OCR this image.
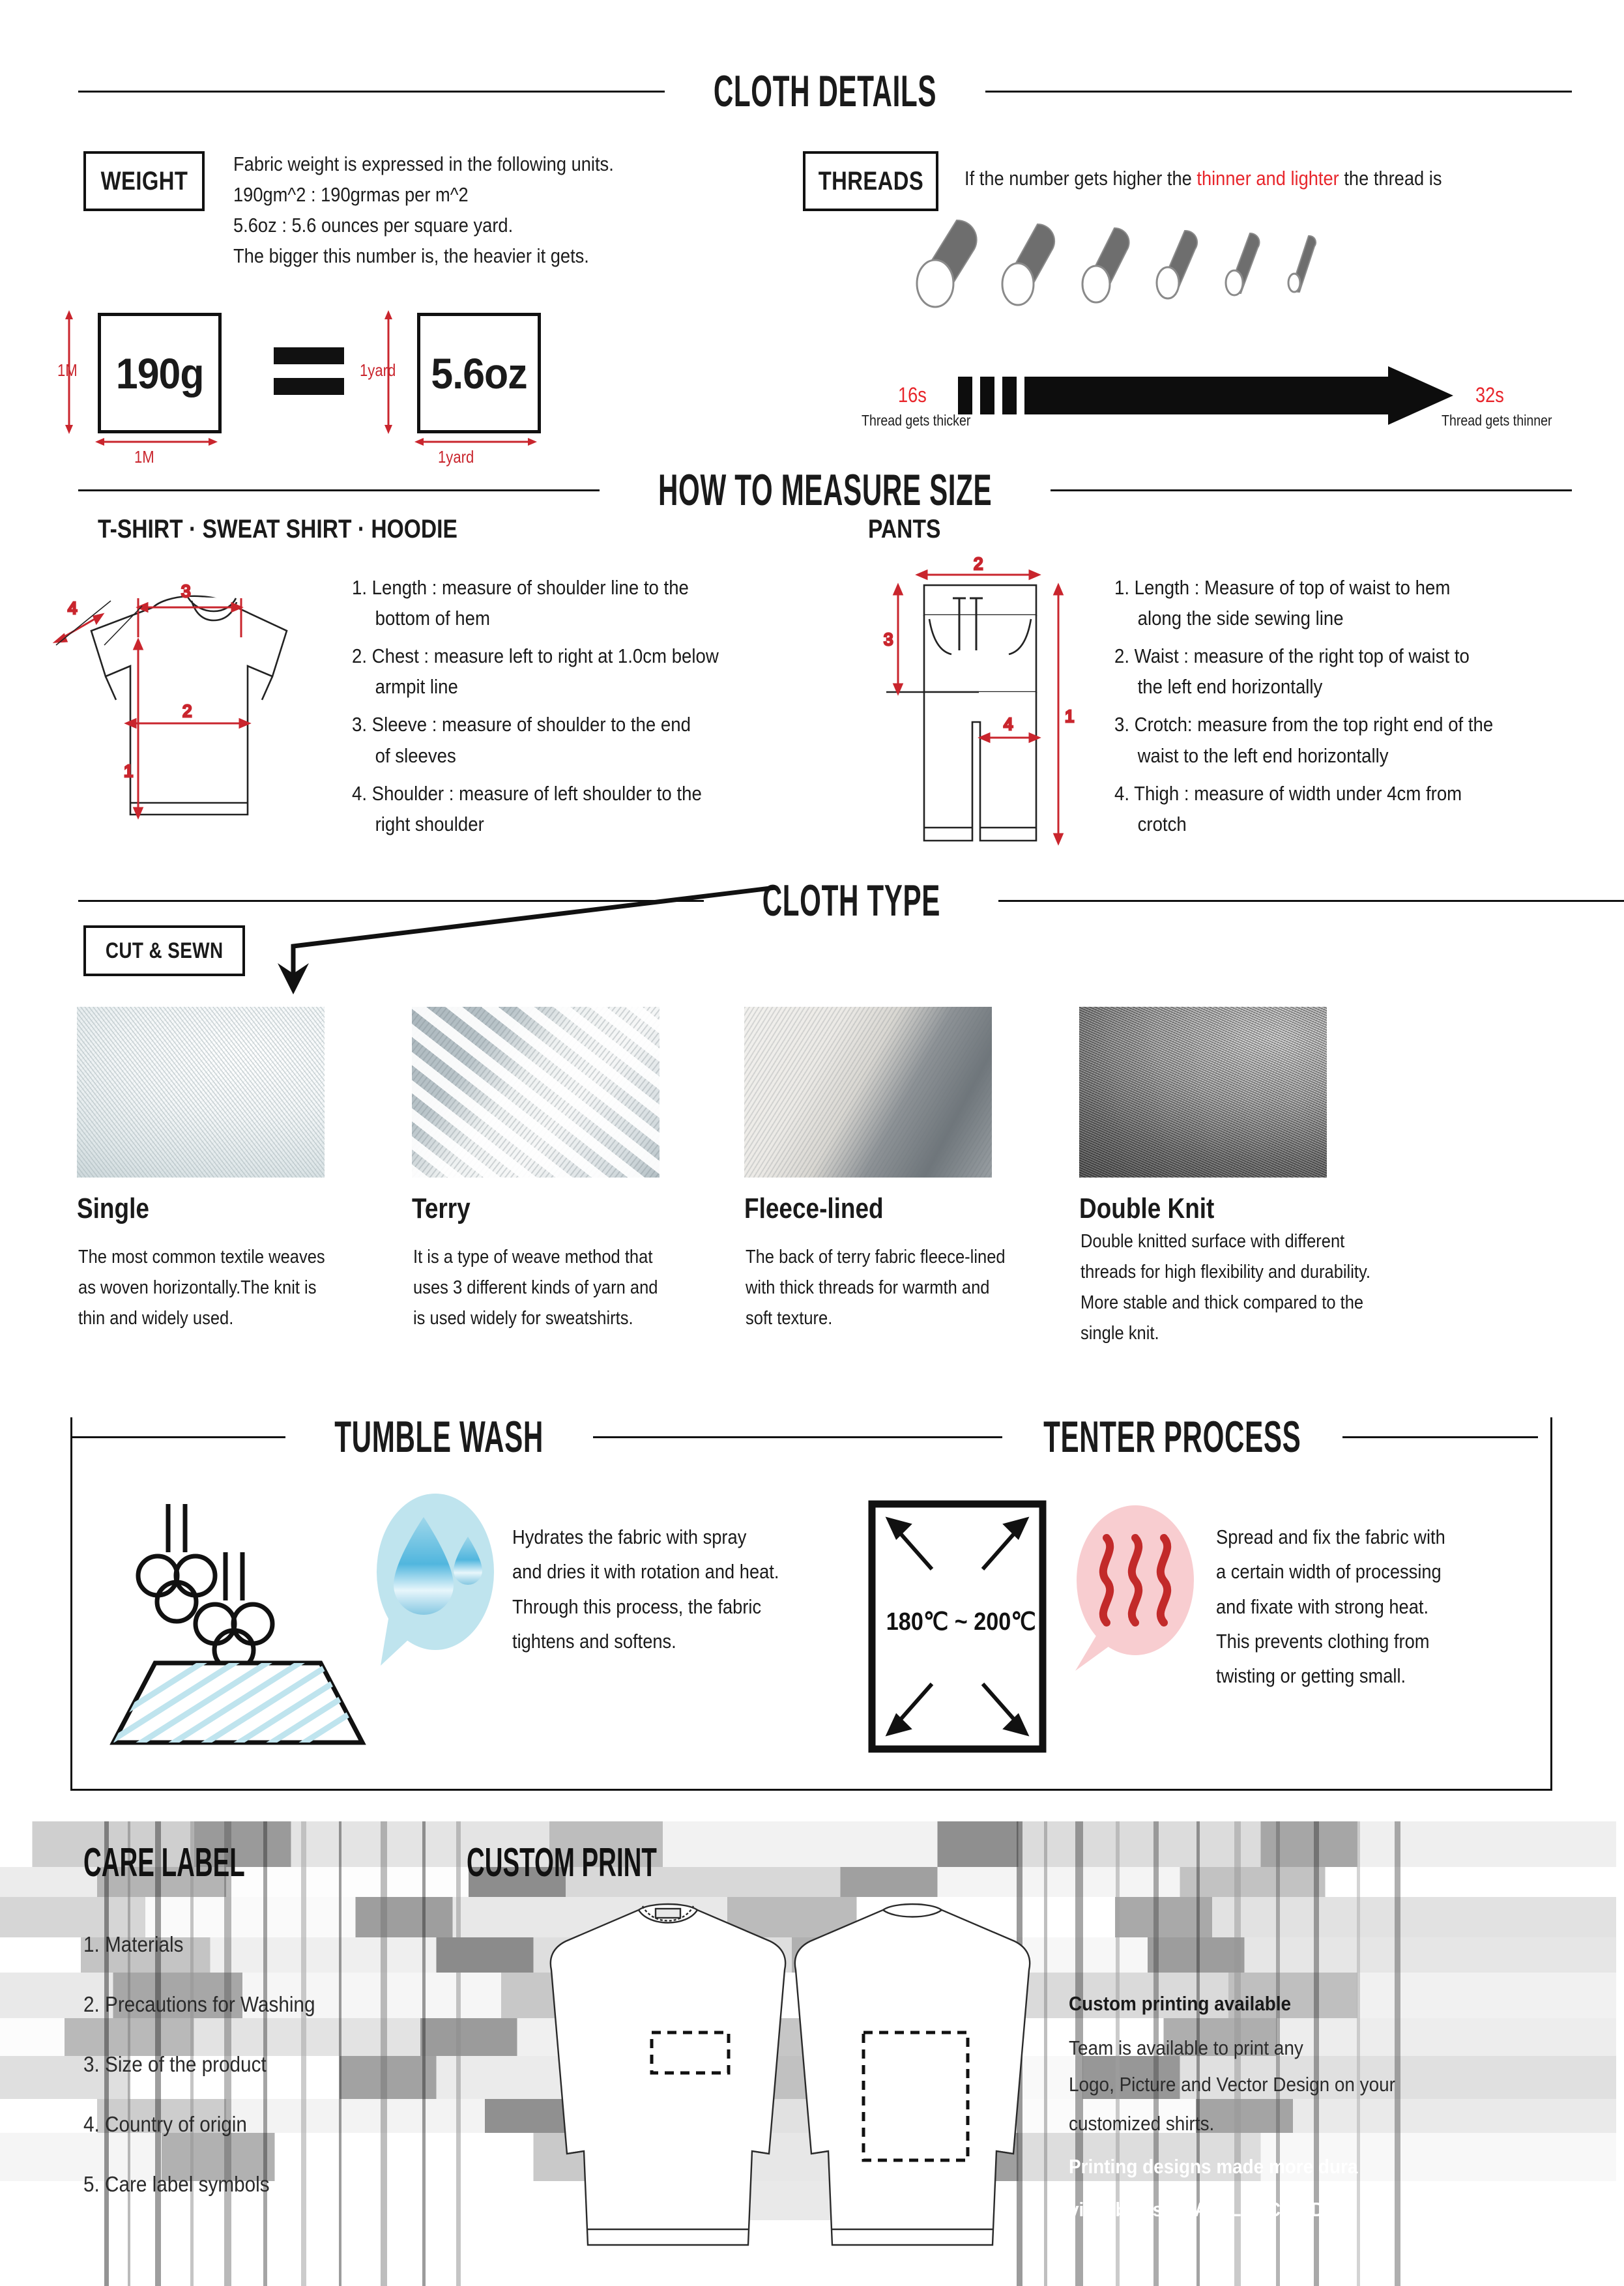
CLOTH DETAILS
WEIGHT
Fabric weight is expressed in the following units.
190gm^2 : 190grmas per m^2
5.6oz : 5.6 ounces per square yard.
The bigger this number is, the heavier it gets.
190g
1M
1M
5.6oz
1yard
1yard
THREADS If the number gets higher the thinner and lighter the thread is
16s
Thread gets thicker
32s
Thread gets thinner
HOW TO MEASURE SIZE
T-SHIRT · SWEAT SHIRT · HOODIE
3
2
1
4
1. Length : measure of shoulder line to the
bottom of hem
2. Chest : measure left to right at 1.0cm below
armpit line
3. Sleeve : measure of shoulder to the end
of sleeves
4. Shoulder : measure of left shoulder to the
right shoulder
PANTS
2
3
4	1
1. Length : Measure of top of waist to hem
along the side sewing line
2. Waist : measure of the right top of waist to
the left end horizontally
3. Crotch: measure from the top right end of the
waist to the left end horizontally
4. Thigh : measure of width under 4cm from
crotch
CLOTH TYPE
CUT & SEWN
Single
The most common textile weaves
as woven horizontally.The knit is
thin and widely used.
Terry
It is a type of weave method that
uses 3 different kinds of yarn and
is used widely for sweatshirts.
Fleece-lined
The back of terry fabric fleece-lined
with thick threads for warmth and
soft texture.
Double Knit
Double knitted surface with different
threads for high flexibility and durability.
More stable and thick compared to the
single knit.
TUMBLE WASH	TENTER PROCESS
Hydrates the fabric with spray
and dries it with rotation and heat.
Through this process, the fabric
tightens and softens.
180℃ ~ 200℃
Spread and fix the fabric with
a certain width of processing
and fixate with strong heat.
This prevents clothing from
twisting or getting small.
CARE LABEL	CUSTOM PRINT
1. Materials
2. Precautions for Washing
3. Size of the product
4. Country of origin
5. Care label symbols
Custom printing available
Team is available to print any
Logo, Picture and Vector Design on your
customized shirts.
Printing designs made more dura
vivid by using AVALANCHE DTX
